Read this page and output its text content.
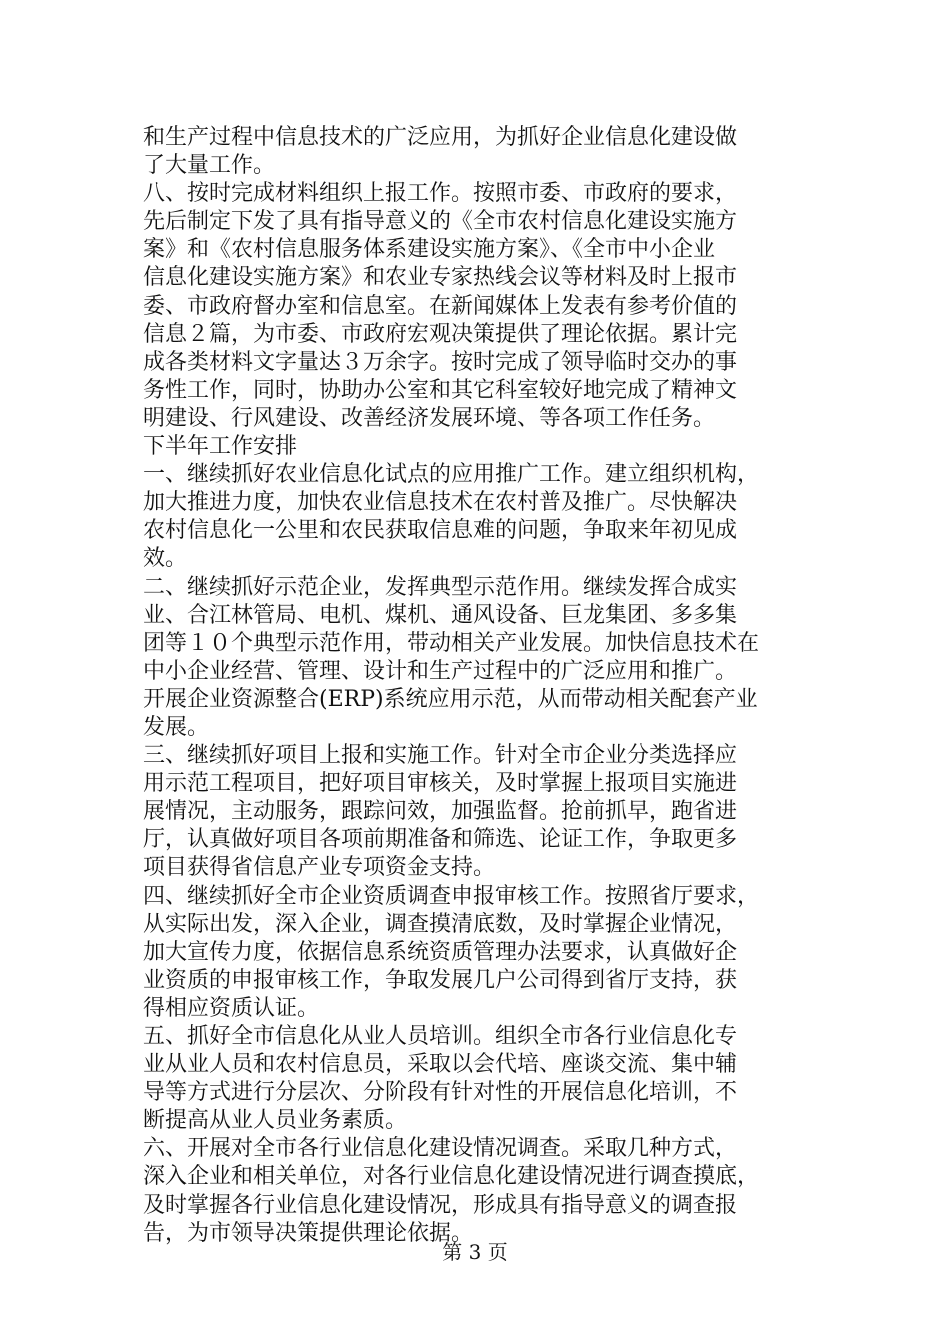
和生产过程中信息技术的广泛应用，为抓好企业信息化建设做
了大量工作。
八、按时完成材料组织上报工作。按照市委、市政府的要求，
先后制定下发了具有指导意义的《全市农村信息化建设实施方
案》和《农村信息服务体系建设实施方案》、《全市中小企业
信息化建设实施方案》和农业专家热线会议等材料及时上报市
委、市政府督办室和信息室。在新闻媒体上发表有参考价值的
信息２篇，为市委、市政府宏观决策提供了理论依据。累计完
成各类材料文字量达３万余字。按时完成了领导临时交办的事
务性工作，同时，协助办公室和其它科室较好地完成了精神文
明建设、行风建设、改善经济发展环境、等各项工作任务。
下半年工作安排
一、继续抓好农业信息化试点的应用推广工作。建立组织机构，
加大推进力度，加快农业信息技术在农村普及推广。尽快解决
农村信息化一公里和农民获取信息难的问题，争取来年初见成
效。
二、继续抓好示范企业，发挥典型示范作用。继续发挥合成实
业、合江林管局、电机、煤机、通风设备、巨龙集团、多多集
团等１０个典型示范作用，带动相关产业发展。加快信息技术在
中小企业经营、管理、设计和生产过程中的广泛应用和推广。
开展企业资源整合(ERP)系统应用示范，从而带动相关配套产业
发展。
三、继续抓好项目上报和实施工作。针对全市企业分类选择应
用示范工程项目，把好项目审核关，及时掌握上报项目实施进
展情况，主动服务，跟踪问效，加强监督。抢前抓早，跑省进
厅，认真做好项目各项前期准备和筛选、论证工作，争取更多
项目获得省信息产业专项资金支持。
四、继续抓好全市企业资质调查申报审核工作。按照省厅要求，
从实际出发，深入企业，调查摸清底数，及时掌握企业情况，
加大宣传力度，依据信息系统资质管理办法要求，认真做好企
业资质的申报审核工作，争取发展几户公司得到省厅支持，获
得相应资质认证。
五、抓好全市信息化从业人员培训。组织全市各行业信息化专
业从业人员和农村信息员，采取以会代培、座谈交流、集中辅
导等方式进行分层次、分阶段有针对性的开展信息化培训，不
断提高从业人员业务素质。
六、开展对全市各行业信息化建设情况调查。采取几种方式，
深入企业和相关单位，对各行业信息化建设情况进行调查摸底，
及时掌握各行业信息化建设情况，形成具有指导意义的调查报
告，为市领导决策提供理论依据。
第 3 页
